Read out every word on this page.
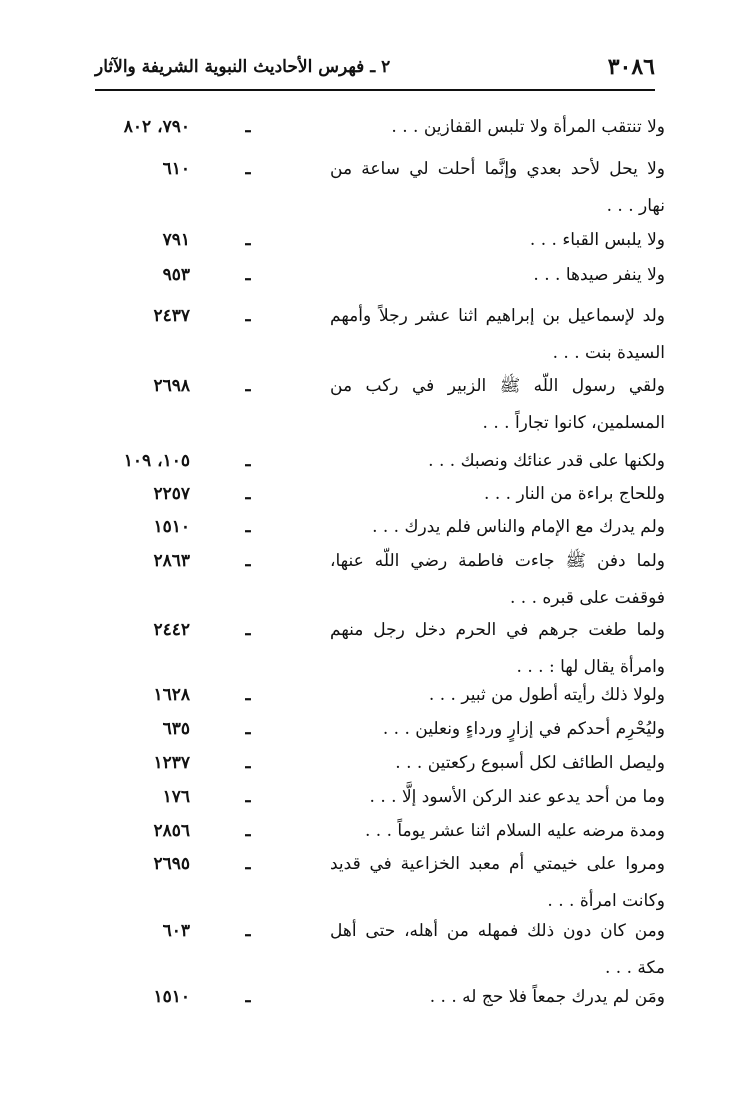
٣٠٨٦
٢ ـ فهرس الأحاديث النبوية الشريفة والآثار
ولا تنتقب المرأة ولا تلبس القفازين . . .
ـ
٧٩٠، ٨٠٢
ولا يحل لأحد بعدي وإنَّما أحلت لي ساعة من نهار . . .
ـ
٦١٠
ولا يلبس القباء . . .
ـ
٧٩١
ولا ينفر صيدها . . .
ـ
٩٥٣
ولد لإسماعيل بن إبراهيم اثنا عشر رجلاً وأمهم السيدة بنت . . .
ـ
٢٤٣٧
ولقي رسول اللّه ﷺ الزبير في ركب من المسلمين، كانوا تجاراً . . .
ـ
٢٦٩٨
ولكنها على قدر عنائك ونصبك . . .
ـ
١٠٥، ١٠٩
وللحاج براءة من النار . . .
ـ
٢٢٥٧
ولم يدرك مع الإمام والناس فلم يدرك . . .
ـ
١٥١٠
ولما دفن ﷺ جاءت فاطمة رضي اللّه عنها، فوقفت على قبره . . .
ـ
٢٨٦٣
ولما طغت جرهم في الحرم دخل رجل منهم وامرأة يقال لها : . . .
ـ
٢٤٤٢
ولولا ذلك رأيته أطول من ثبير . . .
ـ
١٦٢٨
وليُحْرِم أحدكم في إزارٍ ورداءٍ ونعلين . . .
ـ
٦٣٥
وليصل الطائف لكل أسبوع ركعتين . . .
ـ
١٢٣٧
وما من أحد يدعو عند الركن الأسود إلَّا . . .
ـ
١٧٦
ومدة مرضه عليه السلام اثنا عشر يوماً . . .
ـ
٢٨٥٦
ومروا على خيمتي أم معبد الخزاعية في قديد وكانت امرأة . . .
ـ
٢٦٩٥
ومن كان دون ذلك فمهله من أهله، حتى أهل مكة . . .
ـ
٦٠٣
ومَن لم يدرك جمعاً فلا حج له . . .
ـ
١٥١٠
